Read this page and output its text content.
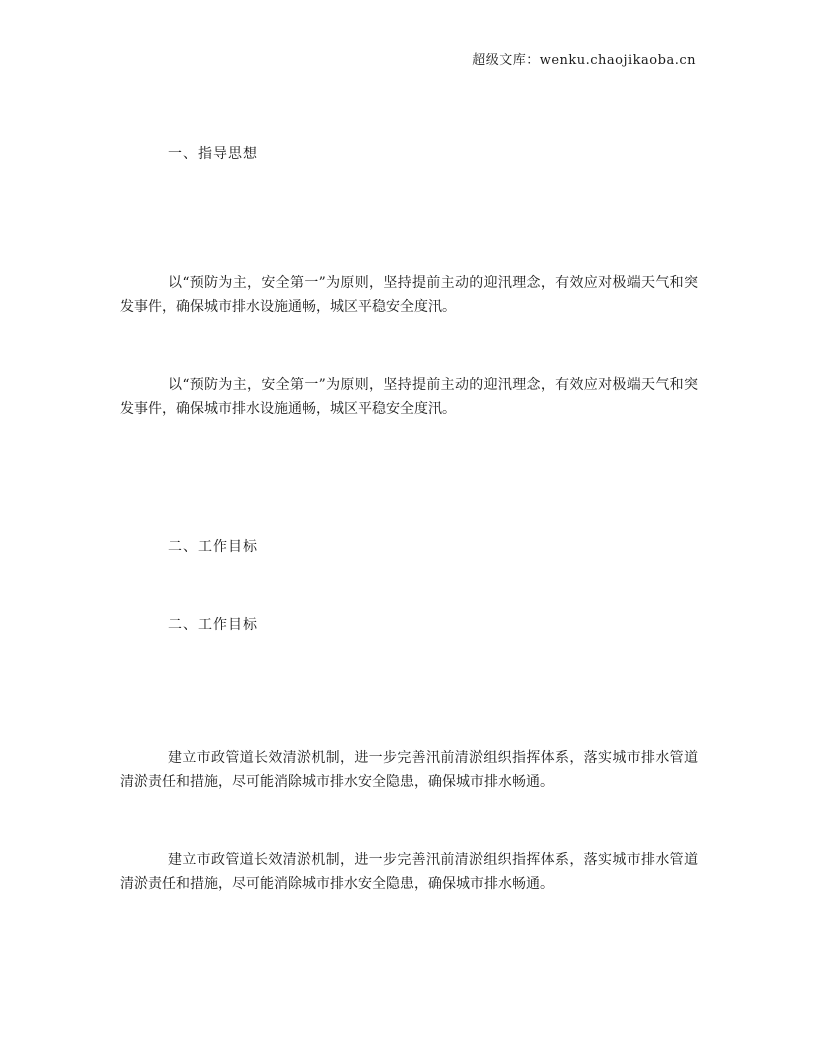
超级文库：wenku.chaojikaoba.cn
一、指导思想

以“预防为主，安全第一”为原则，坚持提前主动的迎汛理念，有效应对极端天气和突发事件，确保城市排水设施通畅，城区平稳安全度汛。

以“预防为主，安全第一”为原则，坚持提前主动的迎汛理念，有效应对极端天气和突发事件，确保城市排水设施通畅，城区平稳安全度汛。

二、工作目标
二、工作目标

建立市政管道长效清淤机制，进一步完善汛前清淤组织指挥体系，落实城市排水管道清淤责任和措施，尽可能消除城市排水安全隐患，确保城市排水畅通。

建立市政管道长效清淤机制，进一步完善汛前清淤组织指挥体系，落实城市排水管道清淤责任和措施，尽可能消除城市排水安全隐患，确保城市排水畅通。
